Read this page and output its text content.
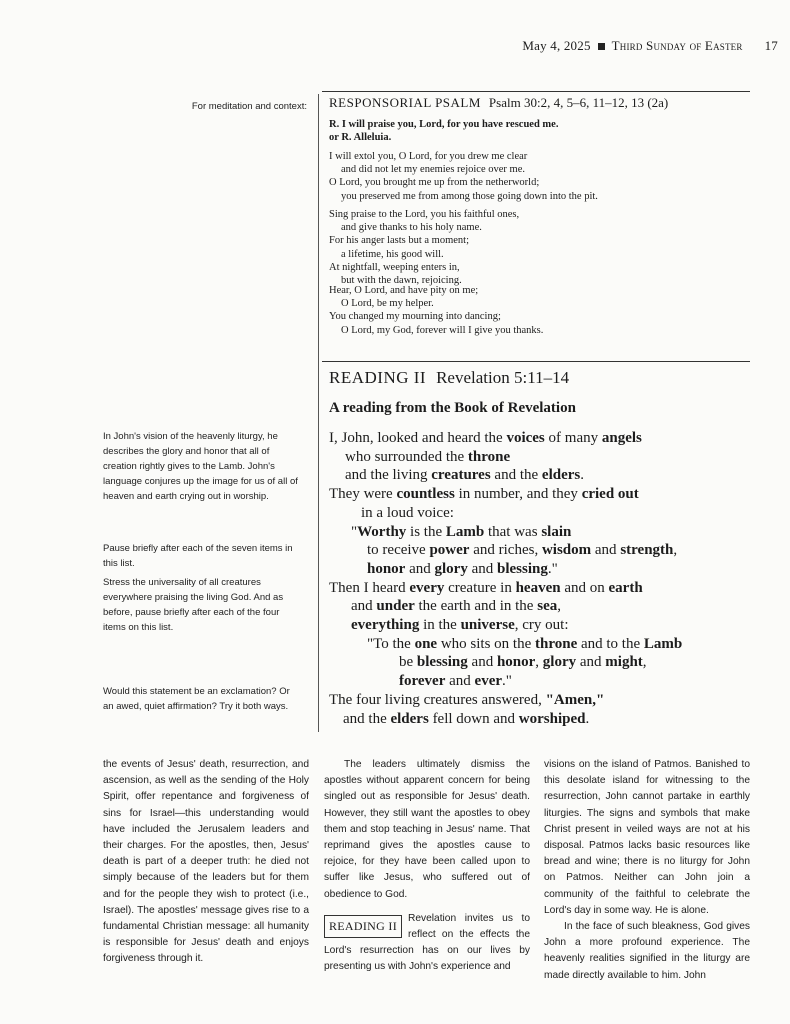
May 4, 2025 Third Sunday of Easter 17
For meditation and context: RESPONSORIAL PSALM Psalm 30:2, 4, 5–6, 11–12, 13 (2a)
R. I will praise you, Lord, for you have rescued me.
or R. Alleluia.
I will extol you, O Lord, for you drew me clear
and did not let my enemies rejoice over me.
O Lord, you brought me up from the netherworld;
you preserved me from among those going down into the pit.
Sing praise to the Lord, you his faithful ones,
and give thanks to his holy name.
For his anger lasts but a moment;
a lifetime, his good will.
At nightfall, weeping enters in,
but with the dawn, rejoicing.
Hear, O Lord, and have pity on me;
O Lord, be my helper.
You changed my mourning into dancing;
O Lord, my God, forever will I give you thanks.
READING II Revelation 5:11–14
A reading from the Book of Revelation
In John's vision of the heavenly liturgy, he describes the glory and honor that all of creation rightly gives to the Lamb. John's language conjures up the image for us of all of heaven and earth crying out in worship.
Pause briefly after each of the seven items in this list.
Stress the universality of all creatures everywhere praising the living God. And as before, pause briefly after each of the four items on this list.
Would this statement be an exclamation? Or an awed, quiet affirmation? Try it both ways.
I, John, looked and heard the voices of many angels
who surrounded the throne
and the living creatures and the elders.
They were countless in number, and they cried out
in a loud voice:
"Worthy is the Lamb that was slain
to receive power and riches, wisdom and strength,
honor and glory and blessing."
Then I heard every creature in heaven and on earth
and under the earth and in the sea,
everything in the universe, cry out:
"To the one who sits on the throne and to the Lamb
be blessing and honor, glory and might,
forever and ever."
The four living creatures answered, "Amen,"
and the elders fell down and worshiped.

the events of Jesus' death, resurrection, and ascension, as well as the sending of the Holy Spirit, offer repentance and forgiveness of sins for Israel—this understanding would have included the Jerusalem leaders and their charges. For the apostles, then, Jesus' death is part of a deeper truth: he died not simply because of the leaders but for them and for the people they wish to protect (i.e., Israel). The apostles' message gives rise to a fundamental Christian message: all humanity is responsible for Jesus' death and enjoys forgiveness through it.

The leaders ultimately dismiss the apostles without apparent concern for being singled out as responsible for Jesus' death. However, they still want the apostles to obey them and stop teaching in Jesus' name. That reprimand gives the apostles cause to rejoice, for they have been called upon to suffer like Jesus, who suffered out of obedience to God.

READING II
Revelation invites us to reflect on the effects the Lord's resurrection has on our lives by presenting us with John's experience and

visions on the island of Patmos. Banished to this desolate island for witnessing to the resurrection, John cannot partake in earthly liturgies. The signs and symbols that make Christ present in veiled ways are not at his disposal. Patmos lacks basic resources like bread and wine; there is no liturgy for John on Patmos. Neither can John join a community of the faithful to celebrate the Lord's day in some way. He is alone.

In the face of such bleakness, God gives John a more profound experience. The heavenly realities signified in the liturgy are made directly available to him. John
